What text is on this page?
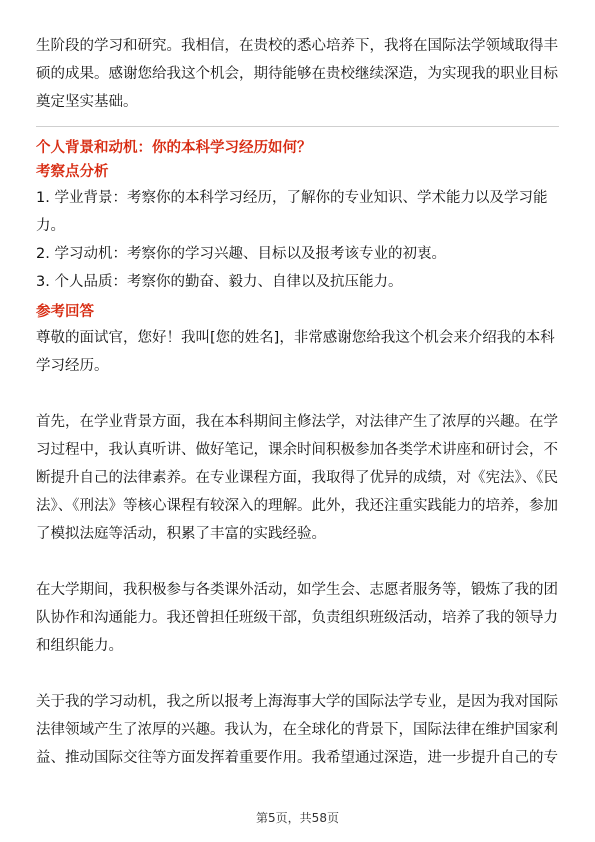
生阶段的学习和研究。我相信，在贵校的悉心培养下，我将在国际法学领域取得丰硕的成果。感谢您给我这个机会，期待能够在贵校继续深造，为实现我的职业目标奠定坚实基础。

个人背景和动机：你的本科学习经历如何？

考察点分析

1. 学业背景：考察你的本科学习经历，了解你的专业知识、学术能力以及学习能力。
2. 学习动机：考察你的学习兴趣、目标以及报考该专业的初衷。
3. 个人品质：考察你的勤奋、毅力、自律以及抗压能力。

参考回答

尊敬的面试官，您好！我叫[您的姓名]，非常感谢您给我这个机会来介绍我的本科学习经历。

首先，在学业背景方面，我在本科期间主修法学，对法律产生了浓厚的兴趣。在学习过程中，我认真听讲、做好笔记，课余时间积极参加各类学术讲座和研讨会，不断提升自己的法律素养。在专业课程方面，我取得了优异的成绩，对《宪法》、《民法》、《刑法》等核心课程有较深入的理解。此外，我还注重实践能力的培养，参加了模拟法庭等活动，积累了丰富的实践经验。

在大学期间，我积极参与各类课外活动，如学生会、志愿者服务等，锻炼了我的团队协作和沟通能力。我还曾担任班级干部，负责组织班级活动，培养了我的领导力和组织能力。

关于我的学习动机，我之所以报考上海海事大学的国际法学专业，是因为我对国际法律领域产生了浓厚的兴趣。我认为，在全球化的背景下，国际法律在维护国家利益、推动国际交往等方面发挥着重要作用。我希望通过深造，进一步提升自己的专

第5页，共58页
